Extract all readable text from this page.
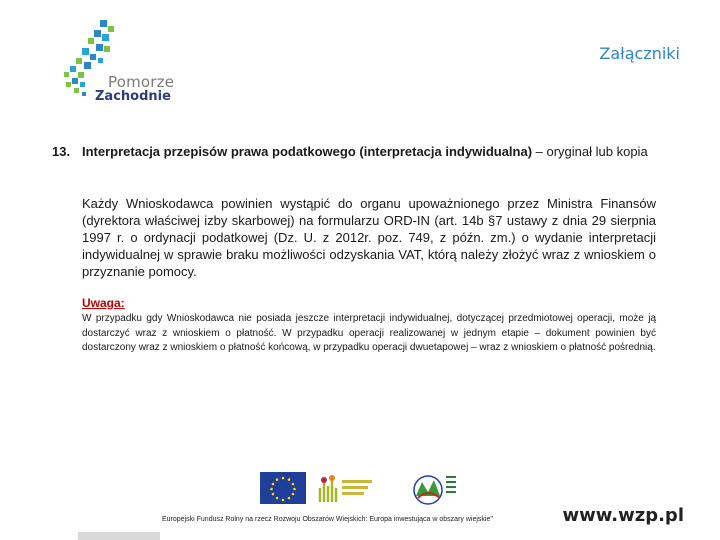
Pomorze
Zachodnie
Załączniki
13. Interpretacja przepisów prawa podatkowego (interpretacja indywidualna) – oryginał lub kopia
Każdy Wnioskodawca powinien wystąpić do organu upoważnionego przez Ministra Finansów (dyrektora właściwej izby skarbowej) na formularzu ORD-IN (art. 14b §7 ustawy z dnia 29 sierpnia 1997 r. o ordynacji podatkowej (Dz. U. z 2012r. poz. 749, z późn. zm.) o wydanie interpretacji indywidualnej w sprawie braku możliwości odzyskania VAT, którą należy złożyć wraz z wnioskiem o przyznanie pomocy.
Uwaga:
W przypadku gdy Wnioskodawca nie posiada jeszcze interpretacji indywidualnej, dotyczącej przedmiotowej operacji, może ją dostarczyć wraz z wnioskiem o płatność. W przypadku operacji realizowanej w jednym etapie – dokument powinien być dostarczony wraz z wnioskiem o płatność końcową, w przypadku operacji dwuetapowej – wraz z wnioskiem o płatność pośrednią.
Europejski Fundusz Rolny na rzecz Rozwoju Obszarów Wiejskich: Europa inwestująca w obszary wiejskie"	www.wzp.pl
